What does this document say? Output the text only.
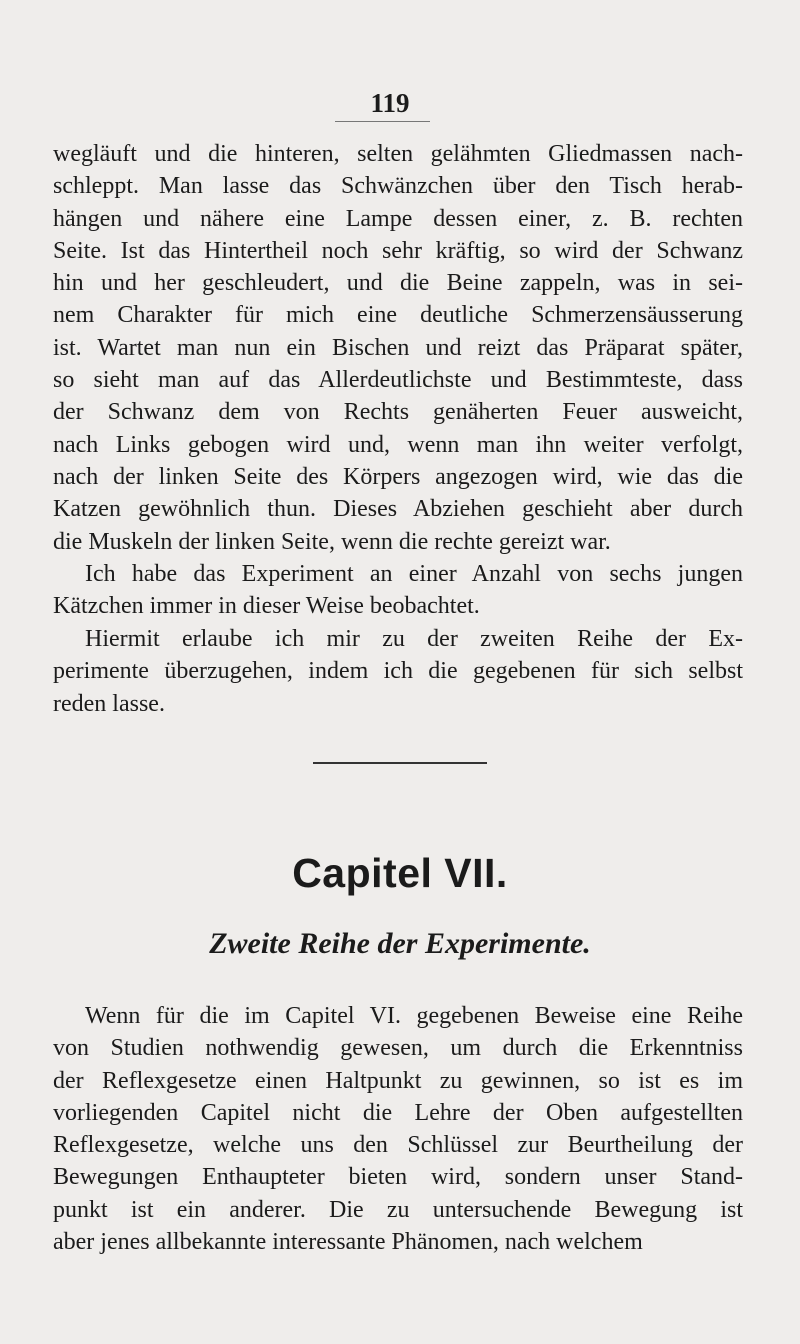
119
wegläuft und die hinteren, selten gelähmten Gliedmassen nach-
schleppt. Man lasse das Schwänzchen über den Tisch herab-
hängen und nähere eine Lampe dessen einer, z. B. rechten
Seite. Ist das Hintertheil noch sehr kräftig, so wird der Schwanz
hin und her geschleudert, und die Beine zappeln, was in sei-
nem Charakter für mich eine deutliche Schmerzensäusserung
ist. Wartet man nun ein Bischen und reizt das Präparat später,
so sieht man auf das Allerdeutlichste und Bestimmteste, dass
der Schwanz dem von Rechts genäherten Feuer ausweicht,
nach Links gebogen wird und, wenn man ihn weiter verfolgt,
nach der linken Seite des Körpers angezogen wird, wie das die
Katzen gewöhnlich thun. Dieses Abziehen geschieht aber durch
die Muskeln der linken Seite, wenn die rechte gereizt war.
Ich habe das Experiment an einer Anzahl von sechs jungen
Kätzchen immer in dieser Weise beobachtet.
Hiermit erlaube ich mir zu der zweiten Reihe der Ex-
perimente überzugehen, indem ich die gegebenen für sich selbst
reden lasse.
Capitel VII.
Zweite Reihe der Experimente.
Wenn für die im Capitel VI. gegebenen Beweise eine Reihe
von Studien nothwendig gewesen, um durch die Erkenntniss
der Reflexgesetze einen Haltpunkt zu gewinnen, so ist es im
vorliegenden Capitel nicht die Lehre der Oben aufgestellten
Reflexgesetze, welche uns den Schlüssel zur Beurtheilung der
Bewegungen Enthaupteter bieten wird, sondern unser Stand-
punkt ist ein anderer. Die zu untersuchende Bewegung ist
aber jenes allbekannte interessante Phänomen, nach welchem
